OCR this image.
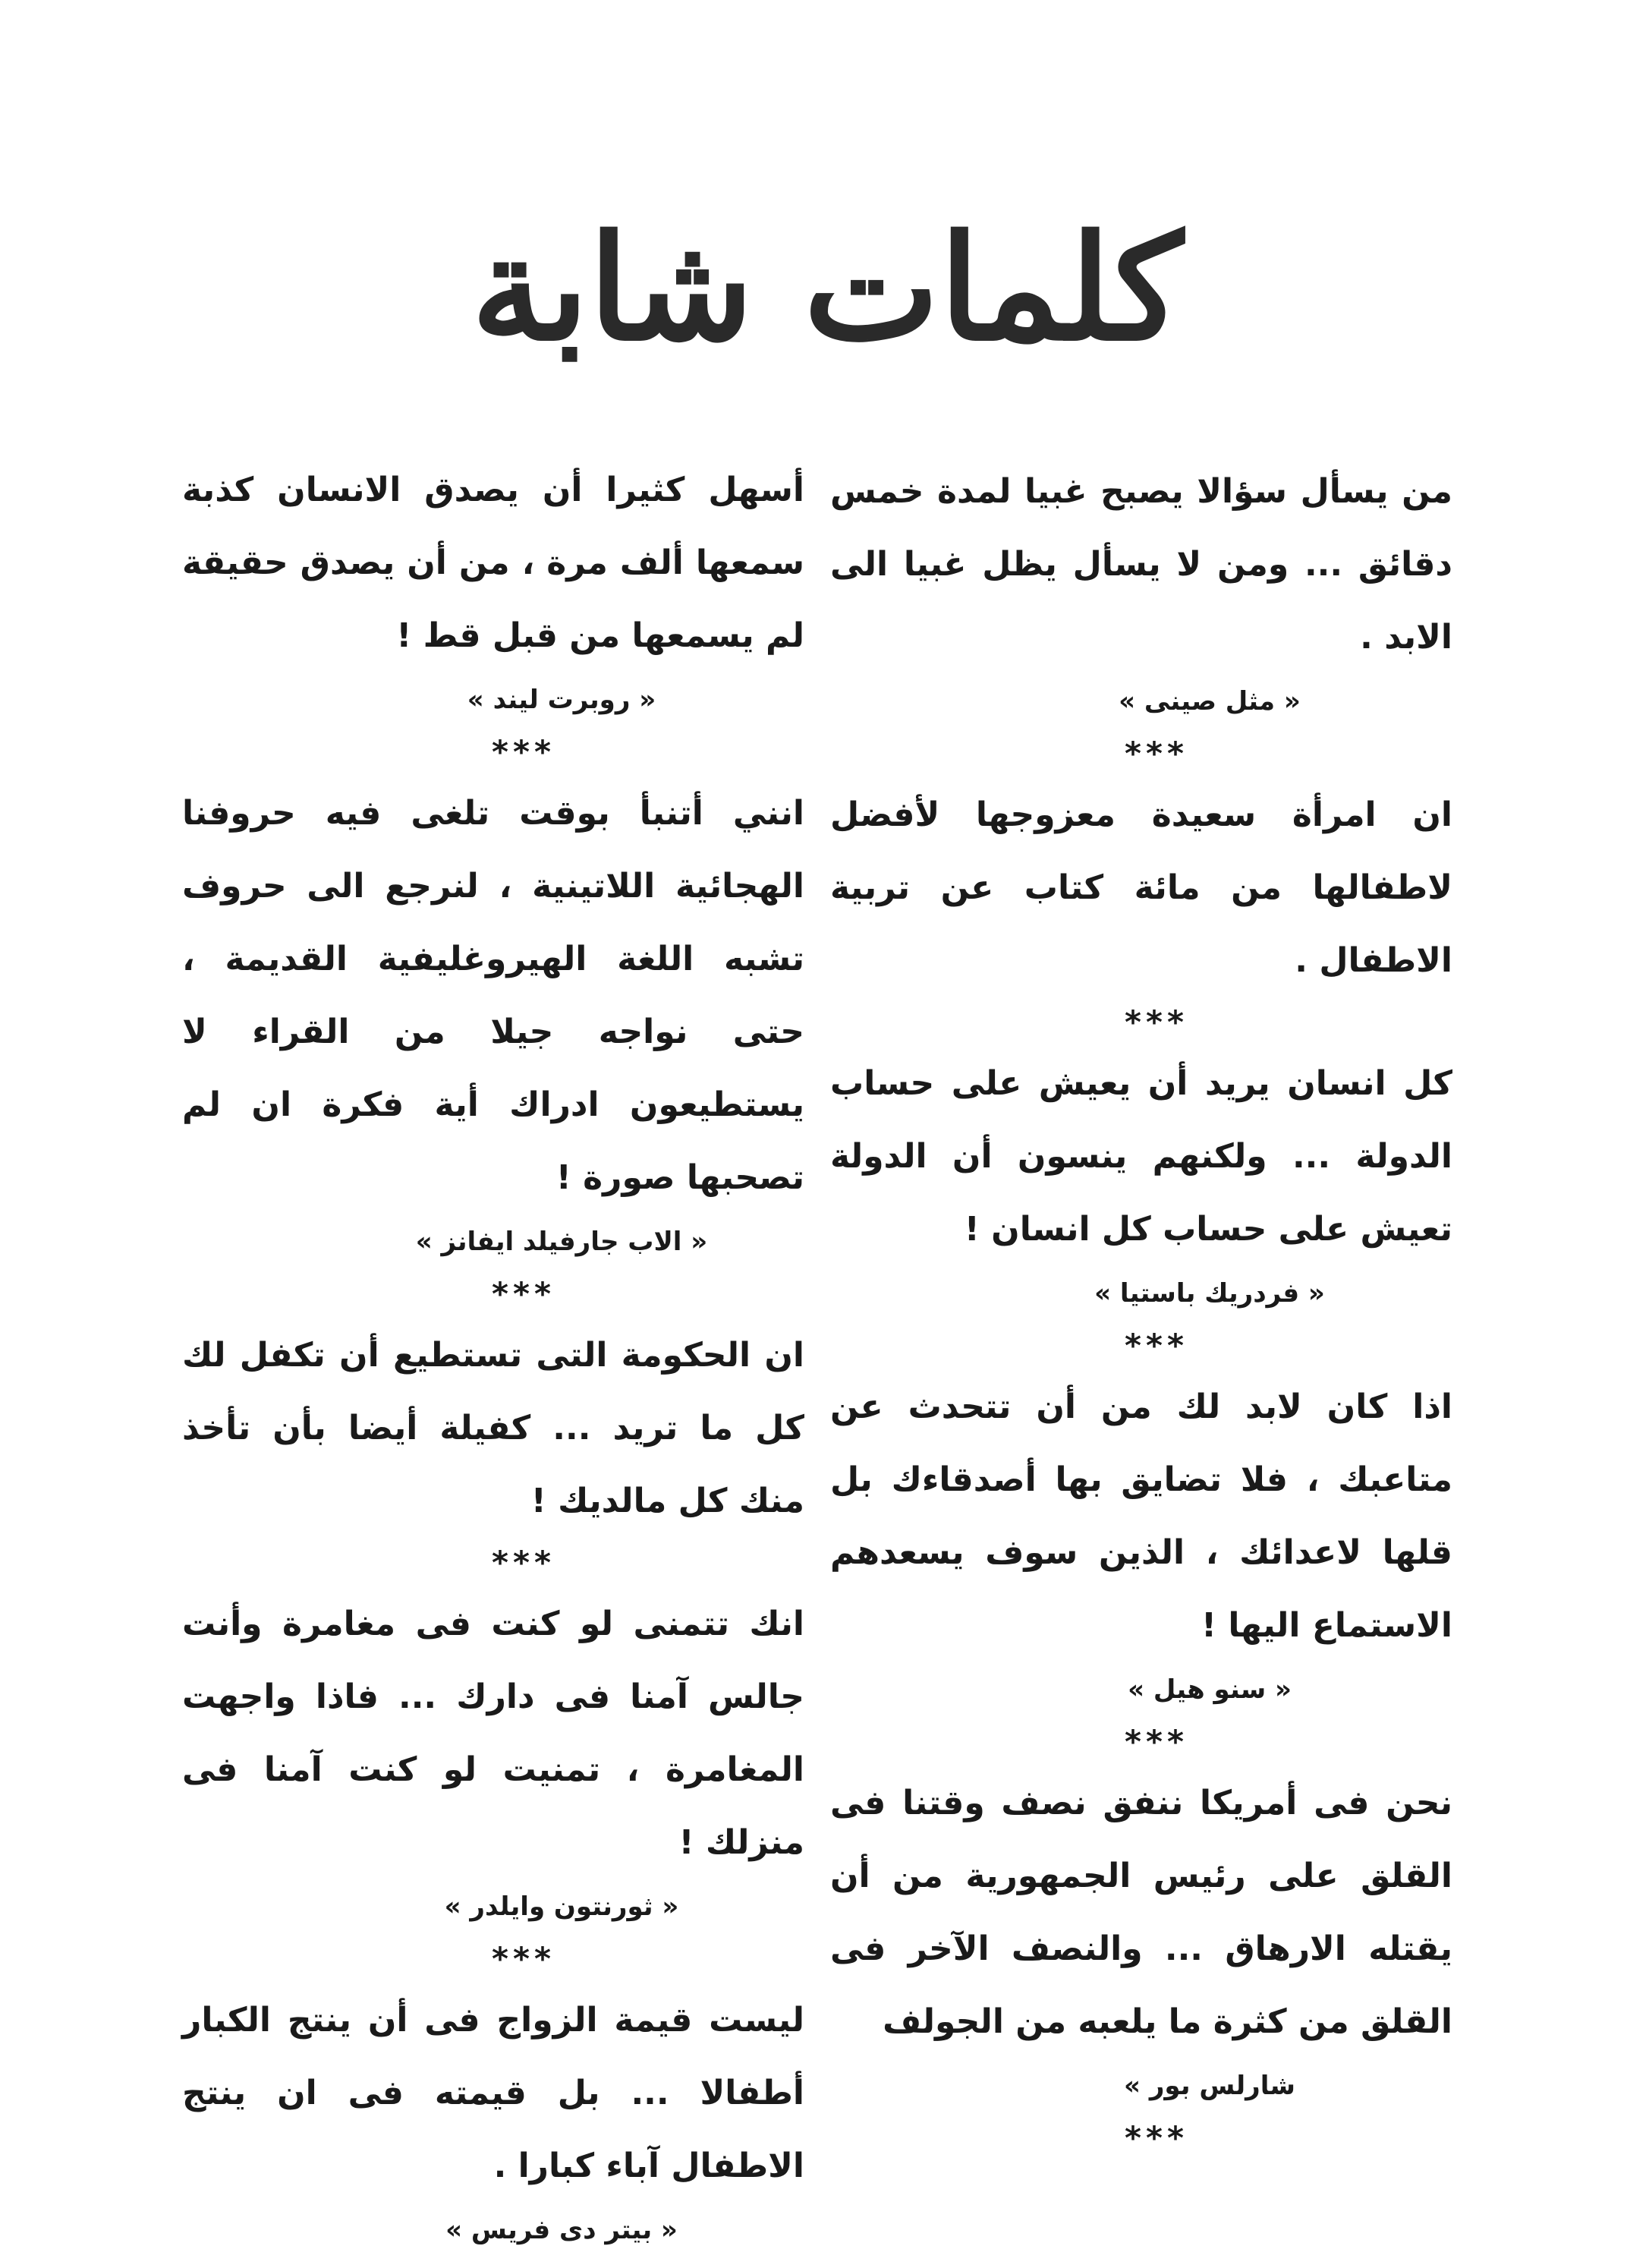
كلمات شابة

من يسأل سؤالا يصبح غبيا لمدة خمس دقائق ... ومن لا يسأل يظل غبيا الى الابد .

« مثل صينى »

***

ان امرأة سعيدة معزوجها لأفضل لاطفالها من مائة كتاب عن تربية الاطفال .

***

كل انسان يريد أن يعيش على حساب الدولة ... ولكنهم ينسون أن الدولة تعيش على حساب كل انسان !

« فردريك باستيا »

***

اذا كان لابد لك من أن تتحدث عن متاعبك ، فلا تضايق بها أصدقاءك بل قلها لاعدائك ، الذين سوف يسعدهم الاستماع اليها !

« سنو هيل »

***

نحن فى أمريكا ننفق نصف وقتنا فى القلق على رئيس الجمهورية من أن يقتله الارهاق ... والنصف الآخر فى القلق من كثرة ما يلعبه من الجولف

شارلس بور »

***

أسهل كثيرا أن يصدق الانسان كذبة سمعها ألف مرة ، من أن يصدق حقيقة لم يسمعها من قبل قط !

« روبرت ليند »

***

انني أتنبأ بوقت تلغى فيه حروفنا الهجائية اللاتينية ، لنرجع الى حروف تشبه اللغة الهيروغليفية القديمة ، حتى نواجه جيلا من القراء لا يستطيعون ادراك أية فكرة ان لم تصحبها صورة !

« الاب جارفيلد ايفانز »

***

ان الحكومة التى تستطيع أن تكفل لك كل ما تريد ... كفيلة أيضا بأن تأخذ منك كل مالديك !

***

انك تتمنى لو كنت فى مغامرة وأنت جالس آمنا فى دارك ... فاذا واجهت المغامرة ، تمنيت لو كنت آمنا فى منزلك !

« ثورنتون وايلدر »

***

ليست قيمة الزواج فى أن ينتج الكبار أطفالا ... بل قيمته فى ان ينتج الاطفال آباء كبارا .

« بيتر دى فريس »
